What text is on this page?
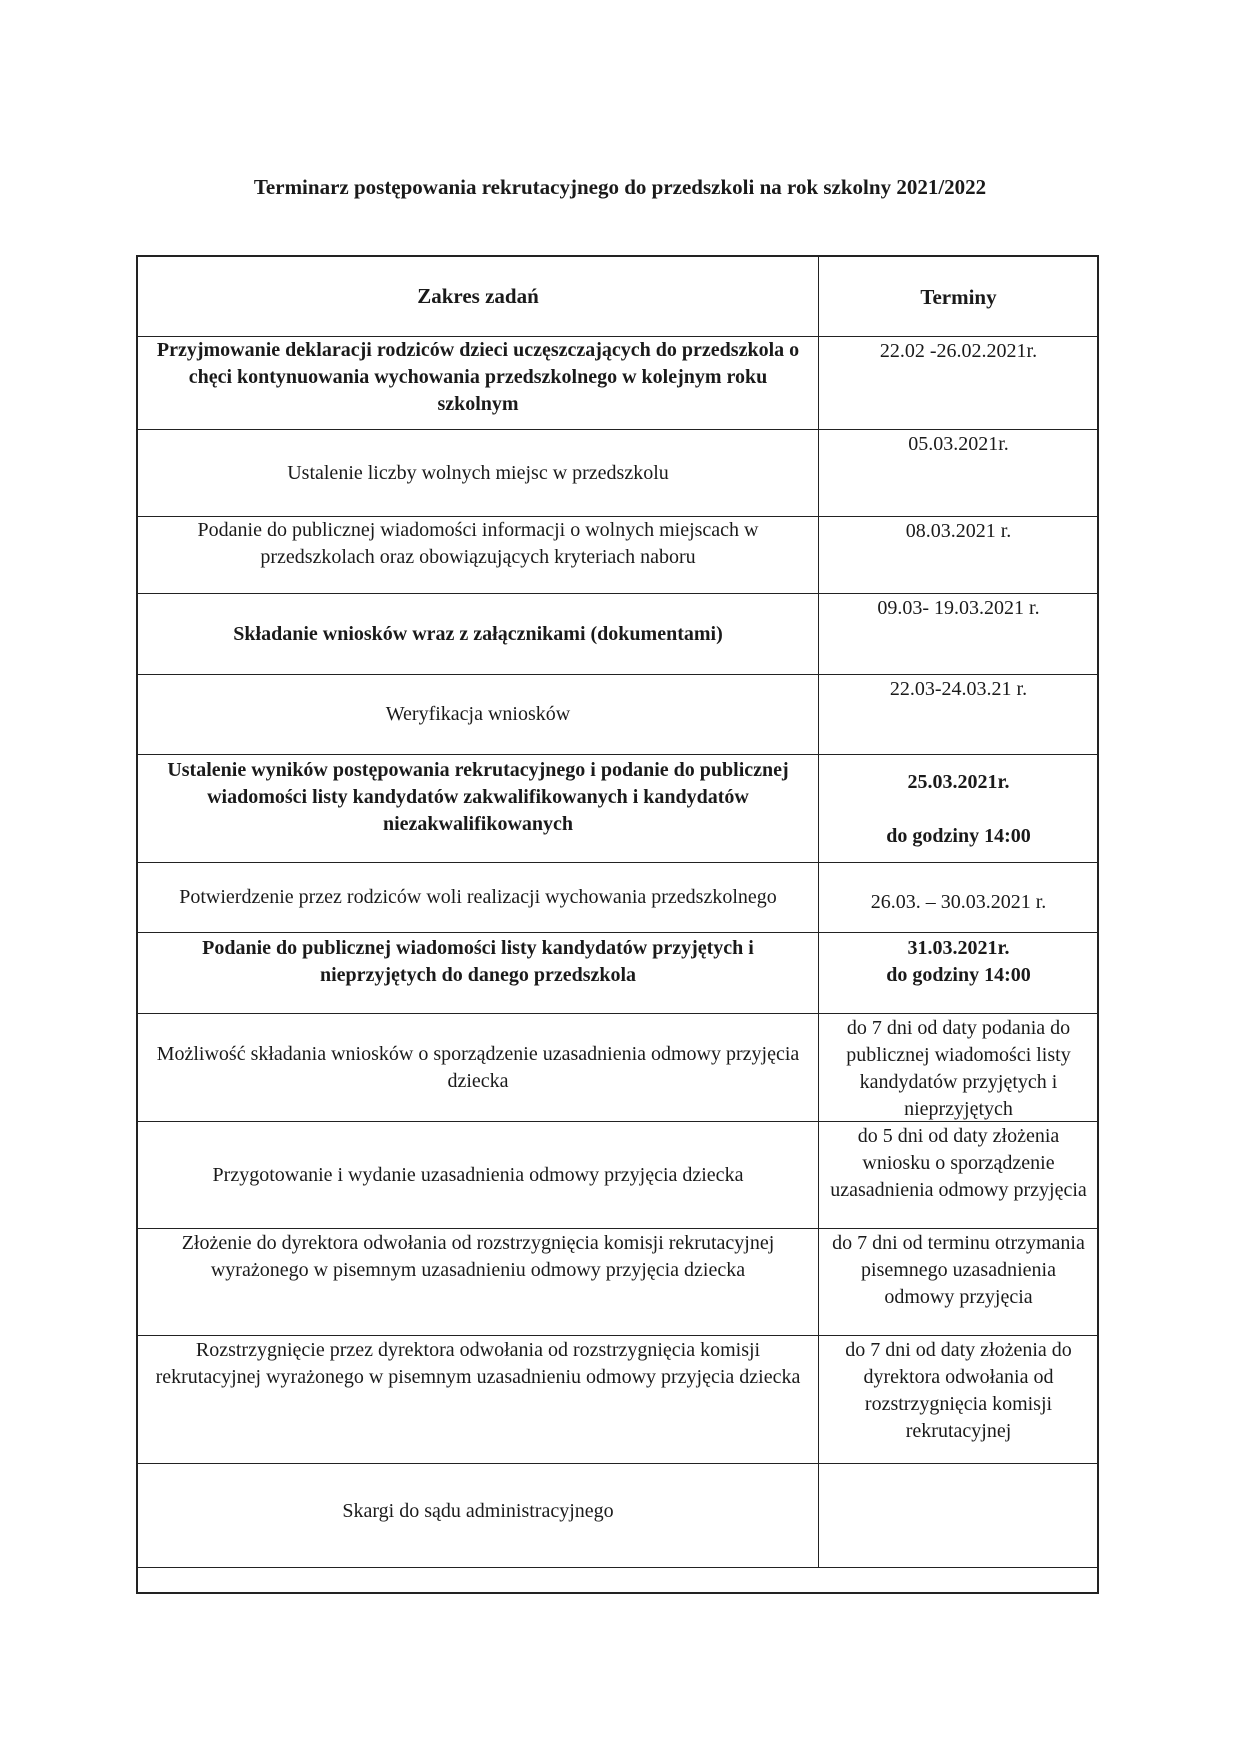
Terminarz postępowania rekrutacyjnego do przedszkoli na rok szkolny 2021/2022
Zakres zadań	Terminy
Przyjmowanie deklaracji rodziców dzieci uczęszczających do przedszkola o chęci kontynuowania wychowania przedszkolnego w kolejnym roku szkolnym
22.02 -26.02.2021r.
Ustalenie liczby wolnych miejsc w przedszkolu
05.03.2021r.
Podanie do publicznej wiadomości informacji o wolnych miejscach w przedszkolach oraz obowiązujących kryteriach naboru
08.03.2021 r.
Składanie wniosków wraz z załącznikami (dokumentami)
09.03- 19.03.2021 r.
Weryfikacja wniosków
22.03-24.03.21 r.
Ustalenie wyników postępowania rekrutacyjnego i podanie do publicznej wiadomości listy kandydatów zakwalifikowanych i kandydatów niezakwalifikowanych
25.03.2021r.
do godziny 14:00
Potwierdzenie przez rodziców woli realizacji wychowania przedszkolnego	26.03. – 30.03.2021 r.
Podanie do publicznej wiadomości listy kandydatów przyjętych i nieprzyjętych do danego przedszkola
31.03.2021r.
do godziny 14:00
Możliwość składania wniosków o sporządzenie uzasadnienia odmowy przyjęcia dziecka
do 7 dni od daty podania do publicznej wiadomości listy kandydatów przyjętych i nieprzyjętych
Przygotowanie i wydanie uzasadnienia odmowy przyjęcia dziecka
do 5 dni od daty złożenia wniosku o sporządzenie uzasadnienia odmowy przyjęcia
Złożenie do dyrektora odwołania od rozstrzygnięcia komisji rekrutacyjnej wyrażonego w pisemnym uzasadnieniu odmowy przyjęcia dziecka
do 7 dni od terminu otrzymania pisemnego uzasadnienia odmowy przyjęcia
Rozstrzygnięcie przez dyrektora odwołania od rozstrzygnięcia komisji rekrutacyjnej wyrażonego w pisemnym uzasadnieniu odmowy przyjęcia dziecka
do 7 dni od daty złożenia do dyrektora odwołania od rozstrzygnięcia komisji rekrutacyjnej
Skargi do sądu administracyjnego
